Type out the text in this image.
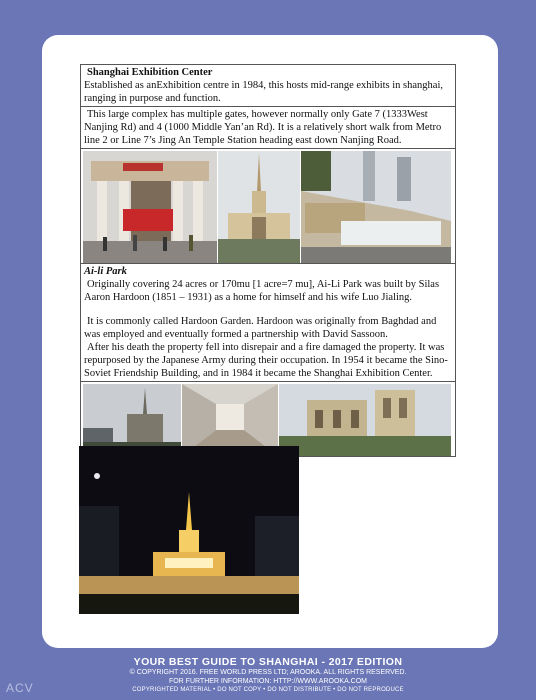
Shanghai Exhibition Center

Established as anExhibition centre in 1984, this hosts mid-range exhibits in shanghai, ranging in purpose and function.

This large complex has multiple gates, however normally only Gate 7 (1333West Nanjing Rd) and 4 (1000 Middle Yan’an Rd). It is a relatively short walk from Metro line 2 or Line 7’s Jing An Temple Station heading east down Nanjing Road.

Ai-li Park

Originally covering 24 acres or 170mu [1 acre=7 mu], Ai-Li Park was built by Silas Aaron Hardoon (1851 – 1931) as a home for himself and his wife Luo Jialing.

It is commonly called Hardoon Garden. Hardoon was originally from Baghdad and was employed and eventually formed a partnership with David Sassoon.

After his death the property fell into disrepair and a fire damaged the property. It was repurposed by the Japanese Army during their occupation. In 1954 it became the Sino-Soviet Friendship Building, and in 1984 it became the Shanghai Exhibition Center.

YOUR BEST GUIDE TO SHANGHAI - 2017 EDITION
© COPYRIGHT 2016. FREE WORLD PRESS LTD; AROOKA. ALL RIGHTS RESERVED.
FOR FURTHER INFORMATION: HTTP://WWW.AROOKA.COM
COPYRIGHTED MATERIAL • DO NOT COPY • DO NOT DISTRIBUTE • DO NOT REPRODUCE
ACV
